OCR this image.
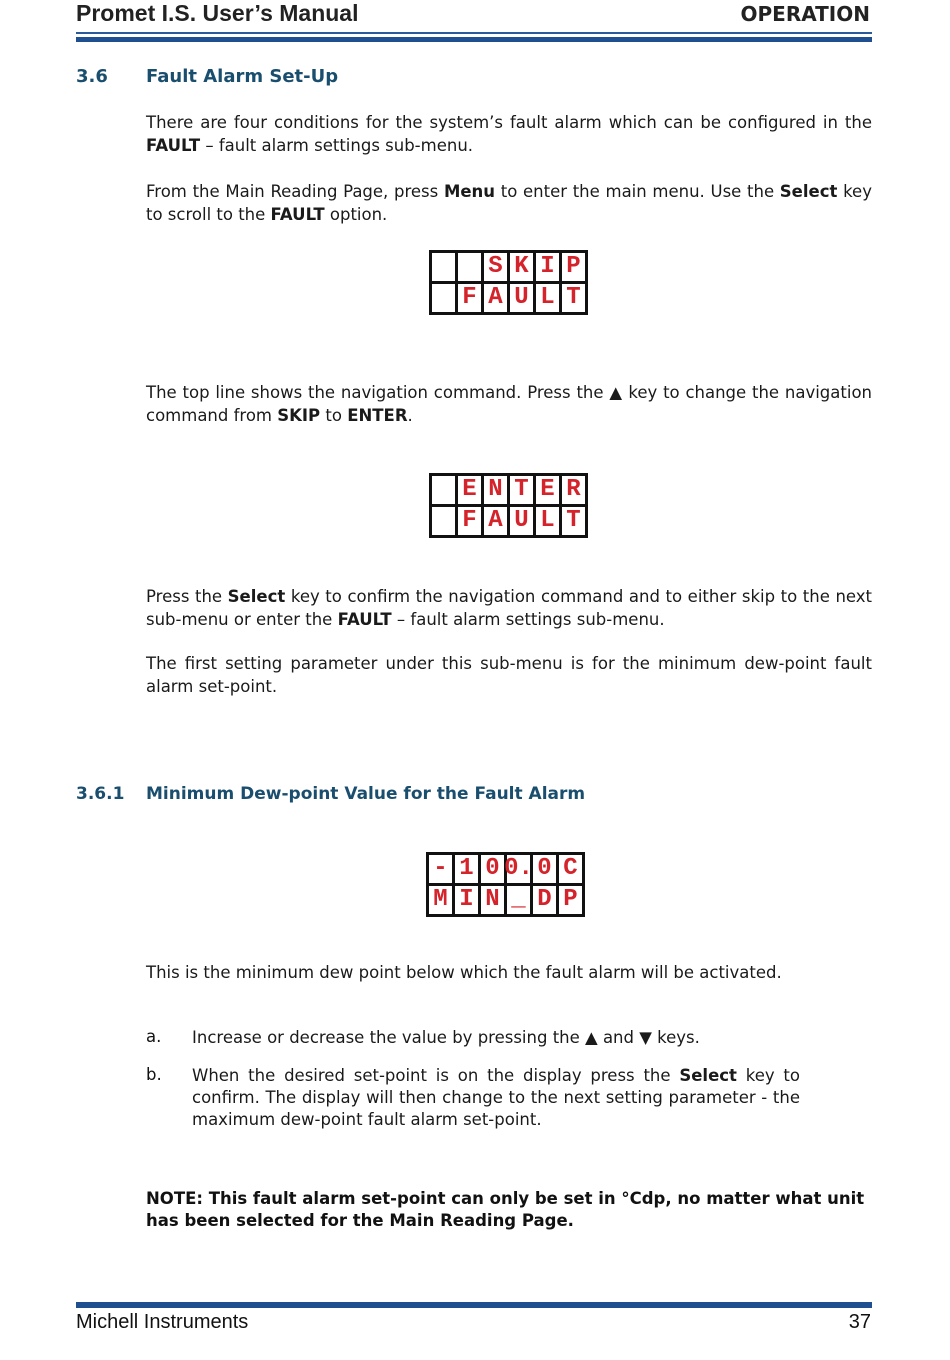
Promet I.S. User’s Manual	OPERATION
3.6 Fault Alarm Set-Up
There are four conditions for the system’s fault alarm which can be configured in the FAULT – fault alarm settings sub-menu.
From the Main Reading Page, press Menu to enter the main menu. Use the Select key to scroll to the FAULT option.
S K I P
F A U L T
The top line shows the navigation command. Press the ▲ key to change the navigation command from SKIP to ENTER.
E N T E R
F A U L T
Press the Select key to confirm the navigation command and to either skip to the next sub-menu or enter the FAULT – fault alarm settings sub-menu.
The first setting parameter under this sub-menu is for the minimum dew-point fault alarm set-point.
3.6.1 Minimum Dew-point Value for the Fault Alarm
- 1 0 0. 0 C
M I N _ D P
This is the minimum dew point below which the fault alarm will be activated.
a. Increase or decrease the value by pressing the ▲ and ▼ keys.
b. When the desired set-point is on the display press the Select key to confirm. The display will then change to the next setting parameter - the maximum dew-point fault alarm set-point.
NOTE: This fault alarm set-point can only be set in °Cdp, no matter what unit has been selected for the Main Reading Page.
Michell Instruments	37
